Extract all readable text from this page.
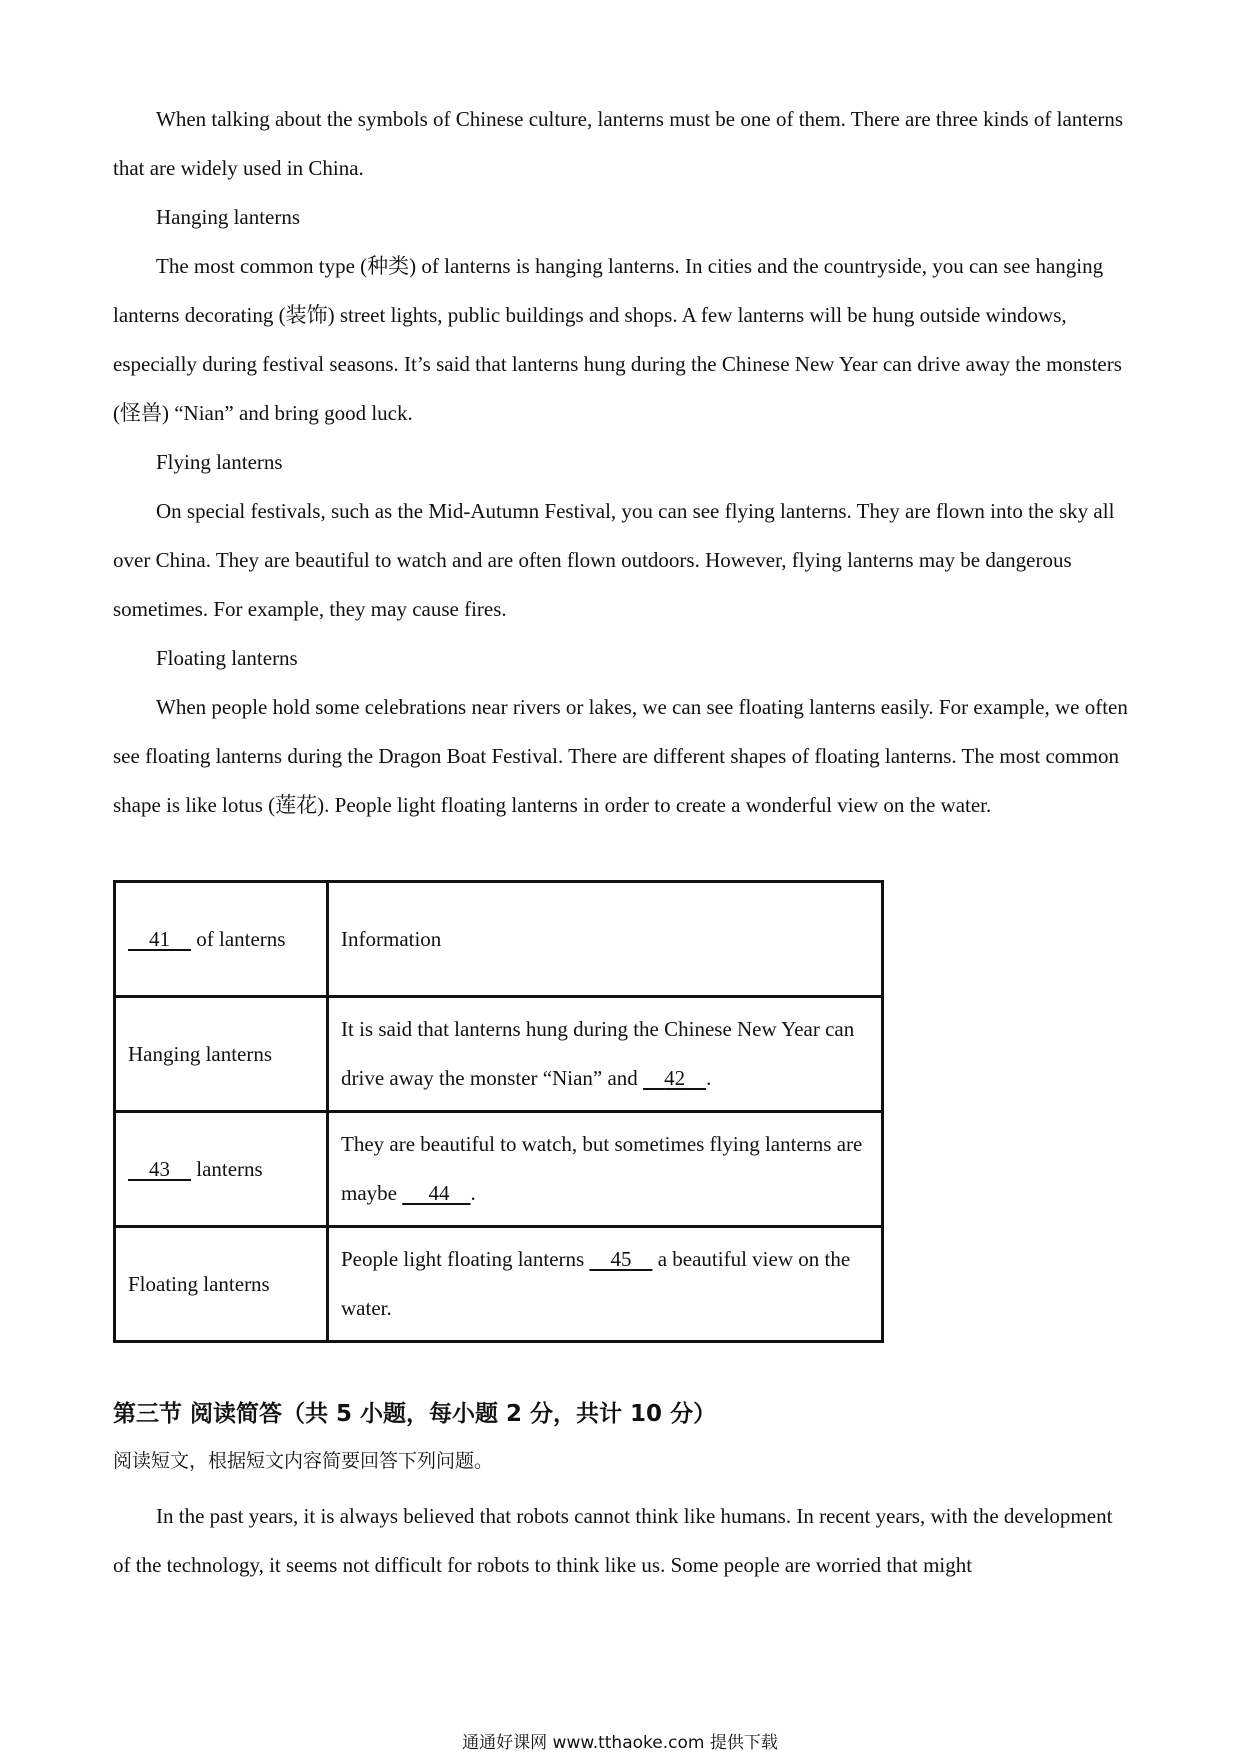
When talking about the symbols of Chinese culture, lanterns must be one of them. There are three kinds of lanterns that are widely used in China.

Hanging lanterns

The most common type (种类) of lanterns is hanging lanterns. In cities and the countryside, you can see hanging lanterns decorating (装饰) street lights, public buildings and shops. A few lanterns will be hung outside windows, especially during festival seasons. It’s said that lanterns hung during the Chinese New Year can drive away the monsters (怪兽) “Nian” and bring good luck.

Flying lanterns

On special festivals, such as the Mid-Autumn Festival, you can see flying lanterns. They are flown into the sky all over China. They are beautiful to watch and are often flown outdoors. However, flying lanterns may be dangerous sometimes. For example, they may cause fires.

Floating lanterns

When people hold some celebrations near rivers or lakes, we can see floating lanterns easily. For example, we often see floating lanterns during the Dragon Boat Festival. There are different shapes of floating lanterns. The most common shape is like lotus (莲花). People light floating lanterns in order to create a wonderful view on the water.

41     of lanterns	Information
Hanging lanterns	It is said that lanterns hung during the Chinese New Year can drive away the monster “Nian” and     42 .
43     lanterns	They are beautiful to watch, but sometimes flying lanterns are maybe      44 .
Floating lanterns	People light floating lanterns     45     a beautiful view on the water.

第三节 阅读简答（共 5 小题，每小题 2 分，共计 10 分）

阅读短文，根据短文内容简要回答下列问题。

In the past years, it is always believed that robots cannot think like humans. In recent years, with the development of the technology, it seems not difficult for robots to think like us. Some people are worried that might

通通好课网 www.tthaoke.com 提供下载
